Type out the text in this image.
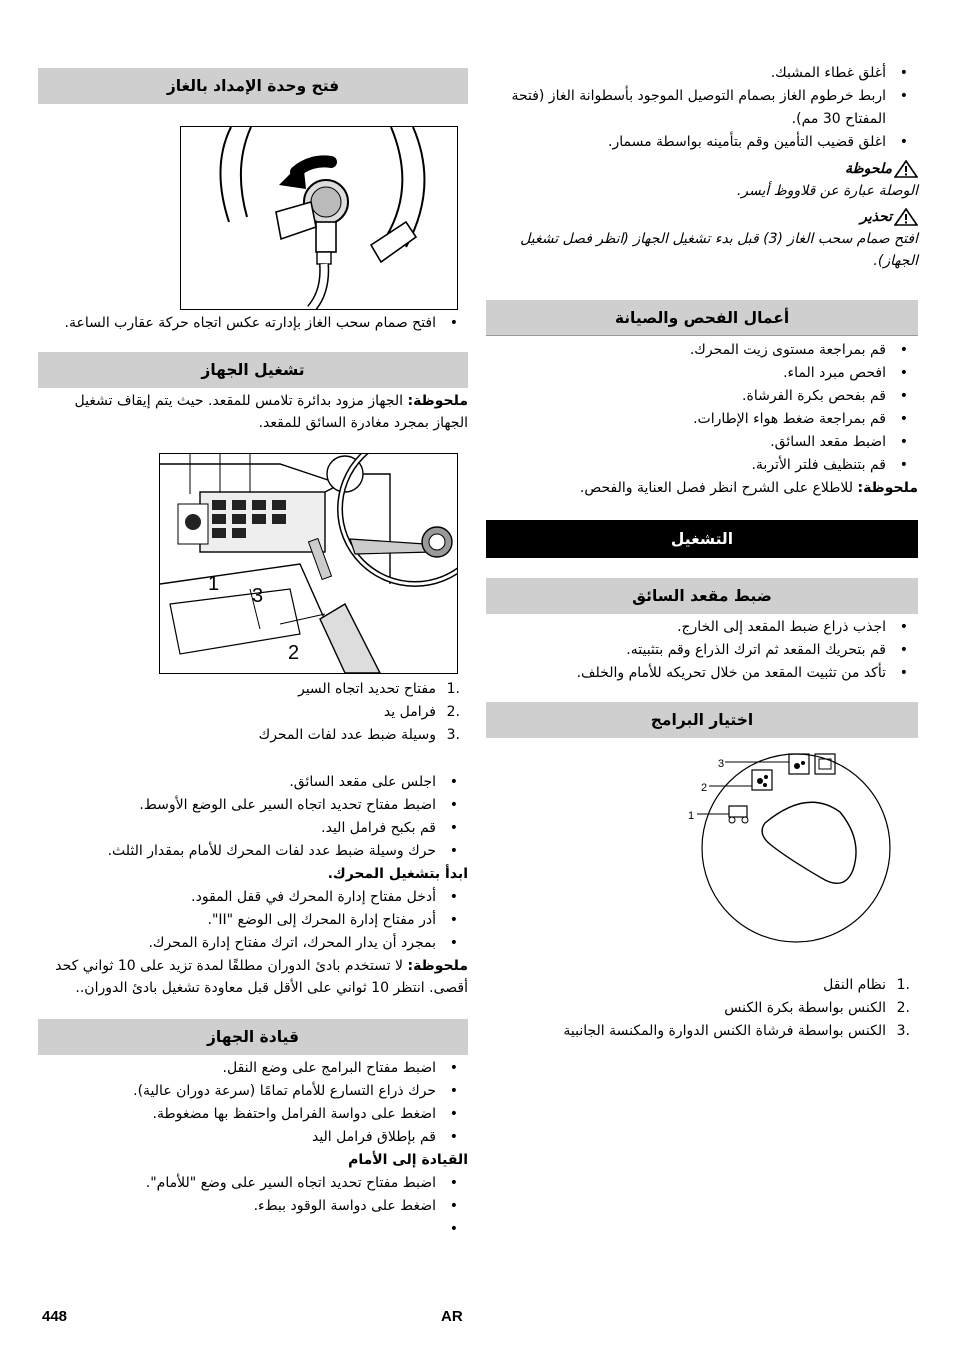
• أغلق غطاء المشبك.
• اربط خرطوم الغاز بصمام التوصيل الموجود بأسطوانة الغاز (فتحة المفتاح 30 مم).
• اغلق قضيب التأمين وقم بتأمينه بواسطة مسمار.
ملحوظة
الوصلة عبارة عن قلاووظ أيسر.
تحذير
افتح صمام سحب الغاز (3) قبل بدء تشغيل الجهاز (انظر فصل تشغيل الجهاز).
أعمال الفحص والصيانة
• قم بمراجعة مستوى زيت المحرك.
• افحص مبرد الماء.
• قم بفحص بكرة الفرشاة.
• قم بمراجعة ضغط هواء الإطارات.
• اضبط مقعد السائق.
• قم بتنظيف فلتر الأتربة.
ملحوظة: للاطلاع على الشرح انظر فصل العناية والفحص.
التشغيل
ضبط مقعد السائق
• اجذب ذراع ضبط المقعد إلى الخارج.
• قم بتحريك المقعد ثم اترك الذراع وقم بتثبيته.
• تأكد من تثبيت المقعد من خلال تحريكه للأمام والخلف.
اختيار البرامج
3
2
1
1.
نظام النقل
2.
الكنس بواسطة بكرة الكنس
3.
الكنس بواسطة فرشاة الكنس الدوارة والمكنسة الجانبية
فتح وحدة الإمداد بالغاز
• افتح صمام سحب الغاز بإدارته عكس اتجاه حركة عقارب الساعة.
تشغيل الجهاز
ملحوظة: الجهاز مزود بدائرة تلامس للمقعد. حيث يتم إيقاف تشغيل الجهاز بمجرد مغادرة السائق للمقعد.
1
3
2
1.
مفتاح تحديد اتجاه السير
2.
فرامل يد
3.
وسيلة ضبط عدد لفات المحرك
• اجلس على مقعد السائق.
• اضبط مفتاح تحديد اتجاه السير على الوضع الأوسط.
• قم بكبح فرامل اليد.
• حرك وسيلة ضبط عدد لفات المحرك للأمام بمقدار الثلث.
ابدأ بتشغيل المحرك.
• أدخل مفتاح إدارة المحرك في قفل المقود.
• أدر مفتاح إدارة المحرك إلى الوضع "II".
• بمجرد أن يدار المحرك، اترك مفتاح إدارة المحرك.
ملحوظة: لا تستخدم بادئ الدوران مطلقًا لمدة تزيد على 10 ثواني كحد أقصى. انتظر 10 ثواني على الأقل قبل معاودة تشغيل بادئ الدوران..
قيادة الجهاز
• اضبط مفتاح البرامج على وضع النقل.
• حرك ذراع التسارع للأمام تمامًا (سرعة دوران عالية).
• اضغط على دواسة الفرامل واحتفظ بها مضغوطة.
• قم بإطلاق فرامل اليد
القيادة إلى الأمام
• اضبط مفتاح تحديد اتجاه السير على وضع "للأمام".
• اضغط على دواسة الوقود ببطء.
•
448	AR
